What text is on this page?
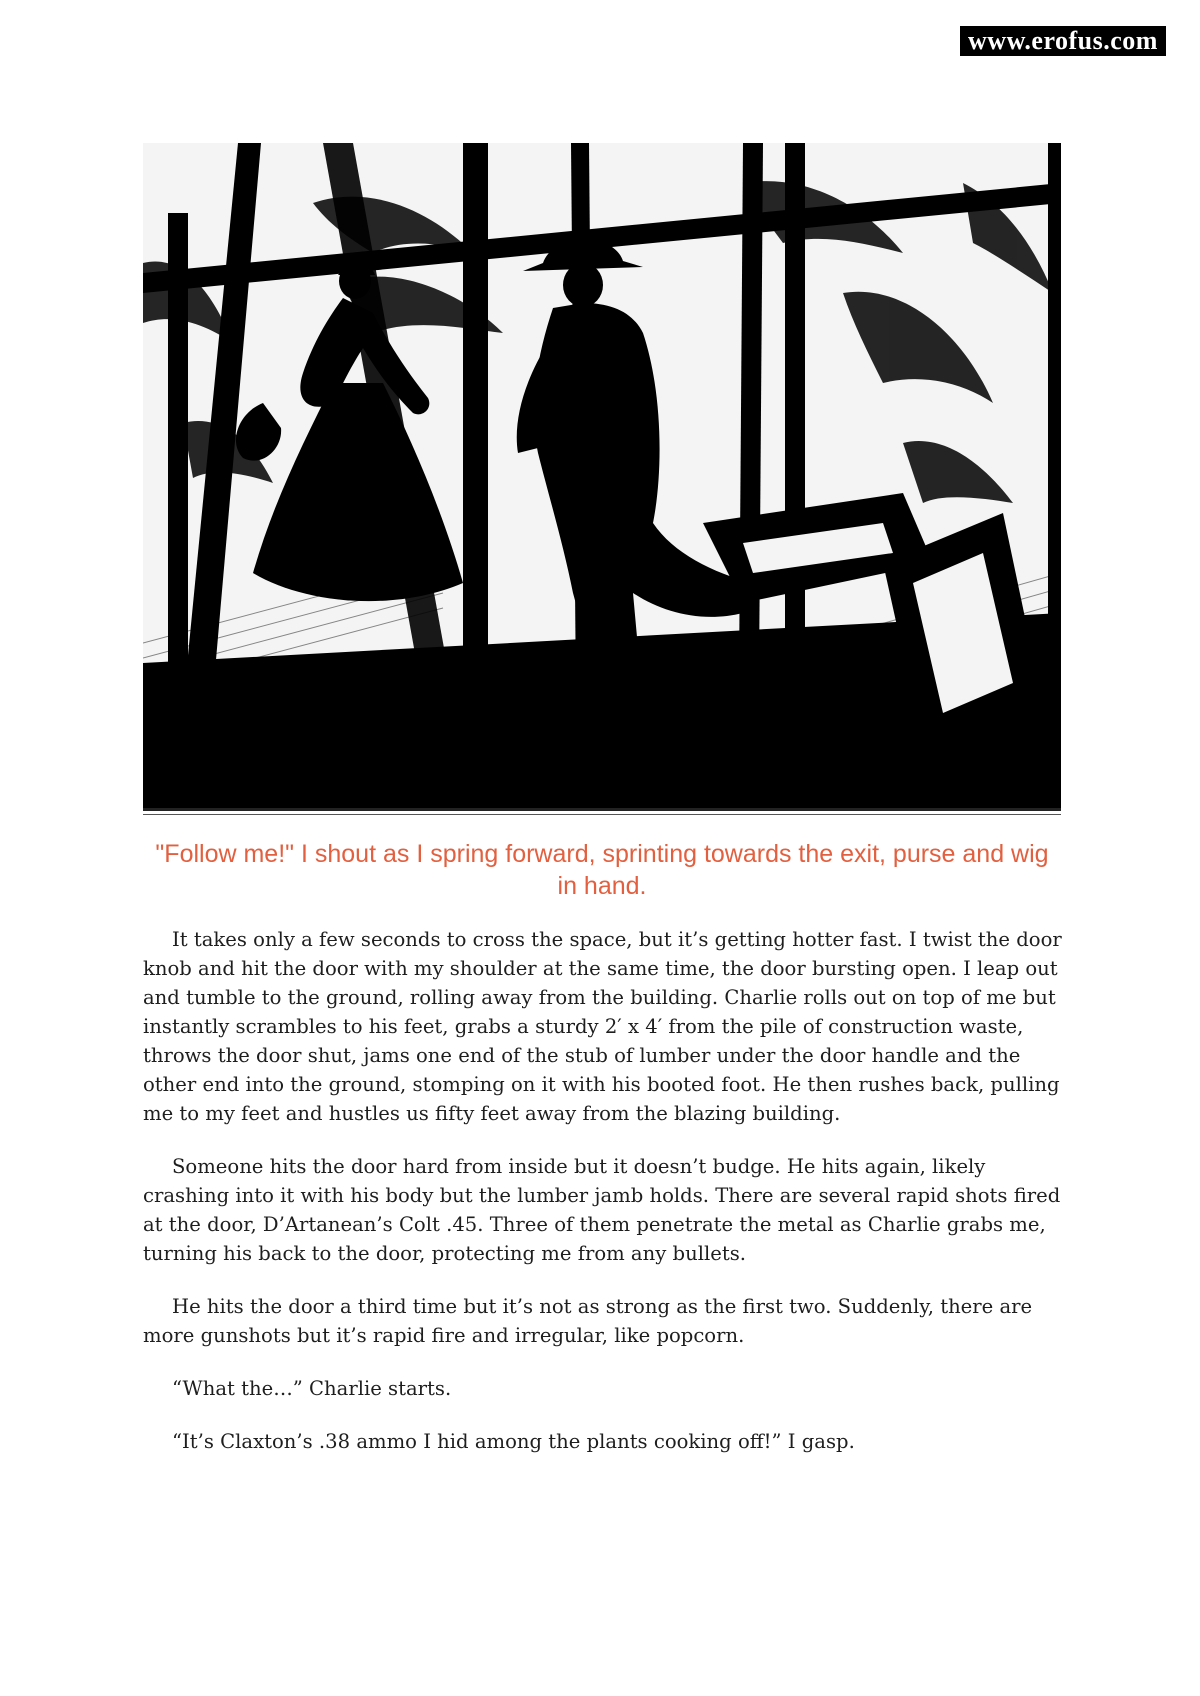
www.erofus.com

"Follow me!" I shout as I spring forward, sprinting towards the exit, purse and wig in hand.

It takes only a few seconds to cross the space, but it’s getting hotter fast. I twist the door knob and hit the door with my shoulder at the same time, the door bursting open. I leap out and tumble to the ground, rolling away from the building. Charlie rolls out on top of me but instantly scrambles to his feet, grabs a sturdy 2′ x 4′ from the pile of construction waste, throws the door shut, jams one end of the stub of lumber under the door handle and the other end into the ground, stomping on it with his booted foot. He then rushes back, pulling me to my feet and hustles us fifty feet away from the blazing building.

Someone hits the door hard from inside but it doesn’t budge. He hits again, likely crashing into it with his body but the lumber jamb holds. There are several rapid shots fired at the door, D’Artanean’s Colt .45. Three of them penetrate the metal as Charlie grabs me, turning his back to the door, protecting me from any bullets.

He hits the door a third time but it’s not as strong as the first two. Suddenly, there are more gunshots but it’s rapid fire and irregular, like popcorn.

“What the…” Charlie starts.

“It’s Claxton’s .38 ammo I hid among the plants cooking off!” I gasp.
